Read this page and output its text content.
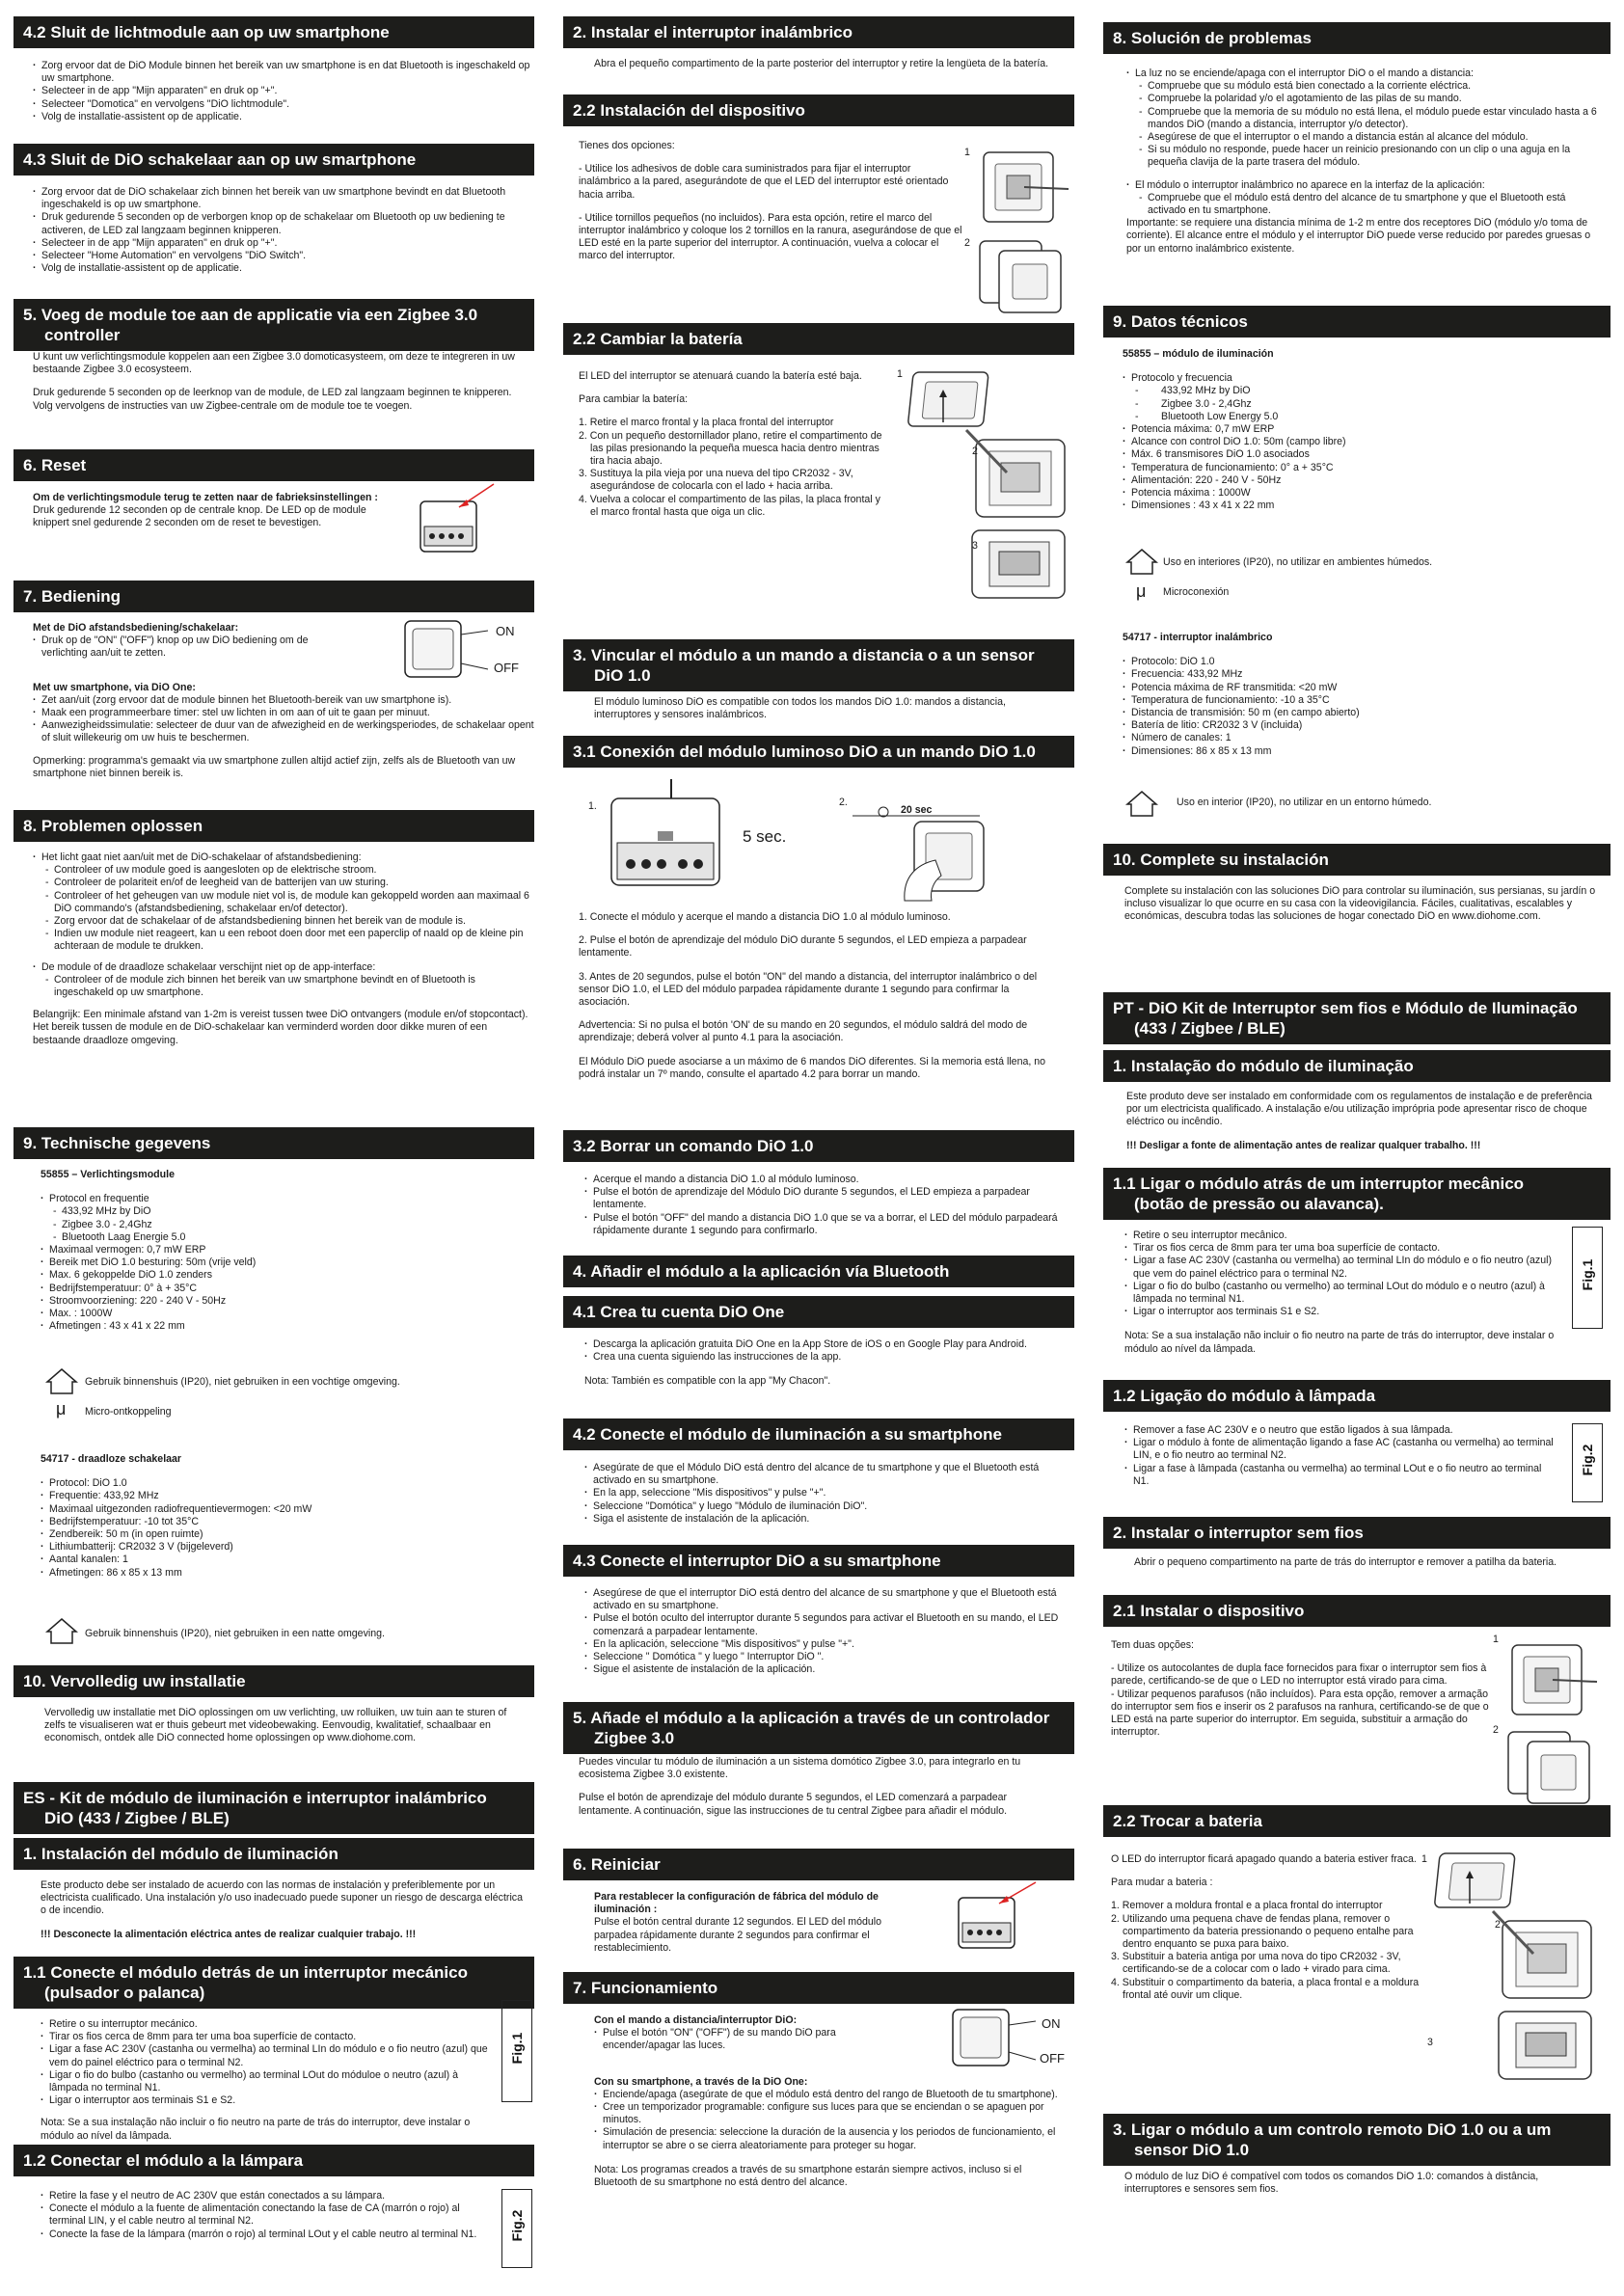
4.2 Sluit de lichtmodule aan op uw smartphone
· Zorg ervoor dat de DiO Module binnen het bereik van uw smartphone is en dat Bluetooth is ingeschakeld op uw smartphone.
· Selecteer in de app "Mijn apparaten" en druk op "+".
· Selecteer "Domotica" en vervolgens "DiO lichtmodule".
· Volg de installatie-assistent op de applicatie.
4.3 Sluit de DiO schakelaar aan op uw smartphone
· Zorg ervoor dat de DiO schakelaar zich binnen het bereik van uw smartphone bevindt en dat Bluetooth ingeschakeld is op uw smartphone.
· Druk gedurende 5 seconden op de verborgen knop op de schakelaar om Bluetooth op uw bediening te activeren, de LED zal langzaam beginnen knipperen.
· Selecteer in de app "Mijn apparaten" en druk op "+".
· Selecteer "Home Automation" en vervolgens "DiO Switch".
· Volg de installatie-assistent op de applicatie.
5. Voeg de module toe aan de applicatie via een Zigbee 3.0
controller

U kunt uw verlichtingsmodule koppelen aan een Zigbee 3.0 domoticasysteem, om deze te integreren in uw bestaande Zigbee 3.0 ecosysteem.

Druk gedurende 5 seconden op de leerknop van de module, de LED zal langzaam beginnen te knipperen. Volg vervolgens de instructies van uw Zigbee-centrale om de module toe te voegen.

6. Reset
Om de verlichtingsmodule terug te zetten naar de fabrieksinstellingen :
Druk gedurende 12 seconden op de centrale knop. De LED op de module knippert snel gedurende 2 seconden om de reset te bevestigen.
7. Bediening
Met de DiO afstandsbediening/schakelaar:
· Druk op de "ON" ("OFF") knop op uw DiO bediening om de verlichting aan/uit te zetten.
Met uw smartphone, via DiO One:
· Zet aan/uit (zorg ervoor dat de module binnen het Bluetooth-bereik van uw smartphone is).
· Maak een programmeerbare timer: stel uw lichten in om aan of uit te gaan per minuut.
· Aanwezigheidssimulatie: selecteer de duur van de afwezigheid en de werkingsperiodes, de schakelaar opent of sluit willekeurig om uw huis te beschermen.
Opmerking: programma's gemaakt via uw smartphone zullen altijd actief zijn, zelfs als de Bluetooth van uw smartphone niet binnen bereik is.
ON
OFF
8. Problemen oplossen
· Het licht gaat niet aan/uit met de DiO-schakelaar of afstandsbediening:
- Controleer of uw module goed is aangesloten op de elektrische stroom.
- Controleer de polariteit en/of de leegheid van de batterijen van uw sturing.
- Controleer of het geheugen van uw module niet vol is, de module kan gekoppeld worden aan maximaal 6 DiO commando's (afstandsbediening, schakelaar en/of detector).
- Zorg ervoor dat de schakelaar of de afstandsbediening binnen het bereik van de module is.
- Indien uw module niet reageert, kan u een reboot doen door met een paperclip of naald op de kleine pin achteraan de module te drukken.
· De module of de draadloze schakelaar verschijnt niet op de app-interface:
- Controleer of de module zich binnen het bereik van uw smartphone bevindt en of Bluetooth is ingeschakeld op uw smartphone.
Belangrijk: Een minimale afstand van 1-2m is vereist tussen twee DiO ontvangers (module en/of stopcontact). Het bereik tussen de module en de DiO-schakelaar kan verminderd worden door dikke muren of een bestaande draadloze omgeving.
9. Technische gegevens
55855 – Verlichtingsmodule
· Protocol en frequentie
- 433,92 MHz by DiO
- Zigbee 3.0 - 2,4Ghz
- Bluetooth Laag Energie 5.0
· Maximaal vermogen: 0,7 mW ERP
· Bereik met DiO 1.0 besturing: 50m (vrije veld)
· Max. 6 gekoppelde DiO 1.0 zenders
· Bedrijfstemperatuur: 0° à + 35°C
· Stroomvoorziening: 220 - 240 V - 50Hz
· Max. : 1000W
· Afmetingen : 43 x 41 x 22 mm
Gebruik binnenshuis (IP20), niet gebruiken in een vochtige omgeving.
μ Micro-ontkoppeling
54717 - draadloze schakelaar
· Protocol: DiO 1.0
· Frequentie: 433,92 MHz
· Maximaal uitgezonden radiofrequentievermogen: <20 mW
· Bedrijfstemperatuur: -10 tot 35°C
· Zendbereik: 50 m (in open ruimte)
· Lithiumbatterij: CR2032 3 V (bijgeleverd)
· Aantal kanalen: 1
· Afmetingen: 86 x 85 x 13 mm
Gebruik binnenshuis (IP20), niet gebruiken in een natte omgeving.
10. Vervolledig uw installatie
Vervolledig uw installatie met DiO oplossingen om uw verlichting, uw rolluiken, uw tuin aan te sturen of zelfs te visualiseren wat er thuis gebeurt met videobewaking. Eenvoudig, kwalitatief, schaalbaar en economisch, ontdek alle DiO connected home oplossingen op www.diohome.com.
ES - Kit de módulo de iluminación e interruptor inalámbrico
DiO (433 / Zigbee / BLE)
1. Instalación del módulo de iluminación

Este producto debe ser instalado de acuerdo con las normas de instalación y preferiblemente por un electricista cualificado. Una instalación y/o uso inadecuado puede suponer un riesgo de descarga eléctrica o de incendio.

!!! Desconecte la alimentación eléctrica antes de realizar cualquier trabajo. !!!
1.1 Conecte el módulo detrás de un interruptor mecánico
(pulsador o palanca)
· Retire o su interruptor mecánico.
· Tirar os fios cerca de 8mm para ter uma boa superfície de contacto.
· Ligar a fase AC 230V (castanha ou vermelha) ao terminal LIn do módulo e o fio neutro (azul) que vem do painel eléctrico para o terminal N2.
· Ligar o fio do bulbo (castanho ou vermelho) ao terminal LOut do móduloe o neutro (azul) à lâmpada no terminal N1.
· Ligar o interruptor aos terminais S1 e S2.
Nota: Se a sua instalação não incluir o fio neutro na parte de trás do interruptor, deve instalar o módulo ao nível da lâmpada.
Fig.1
1.2 Conectar el módulo a la lámpara
· Retire la fase y el neutro de AC 230V que están conectados a su lámpara.
· Conecte el módulo a la fuente de alimentación conectando la fase de CA (marrón o rojo) al terminal LIN, y el cable neutro al terminal N2.
· Conecte la fase de la lámpara (marrón o rojo) al terminal LOut y el cable neutro al terminal N1.	Fig.2
2. Instalar el interruptor inalámbrico
Abra el pequeño compartimento de la parte posterior del interruptor y retire la lengüeta de la batería.
2.2 Instalación del dispositivo

Tienes dos opciones:

- Utilice los adhesivos de doble cara suministrados para fijar el interruptor inalámbrico a la pared, asegurándote de que el LED del interruptor esté orientado hacia arriba.

- Utilice tornillos pequeños (no incluidos). Para esta opción, retire el marco del interruptor inalámbrico y coloque los 2 tornillos en la ranura, asegurándose de que el LED esté en la parte superior del interruptor. A continuación, vuelva a colocar el marco del interruptor.

1
2
2.2 Cambiar la batería

El LED del interruptor se atenuará cuando la batería esté baja.

Para cambiar la batería:

1. Retire el marco frontal y la placa frontal del interruptor
2. Con un pequeño destornillador plano, retire el compartimento de las pilas presionando la pequeña muesca hacia dentro mientras tira hacia abajo.
3. Sustituya la pila vieja por una nueva del tipo CR2032 - 3V, asegurándose de colocarla con el lado + hacia arriba.
4. Vuelva a colocar el compartimento de las pilas, la placa frontal y el marco frontal hasta que oiga un clic.
1
2
3
3. Vincular el módulo a un mando a distancia o a un sensor
DiO 1.0
El módulo luminoso DiO es compatible con todos los mandos DiO 1.0: mandos a distancia, interruptores y sensores inalámbricos.
3.1 Conexión del módulo luminoso DiO a un mando DiO 1.0
1.
5 sec.
2.
20 sec

1. Conecte el módulo y acerque el mando a distancia DiO 1.0 al módulo luminoso.

2. Pulse el botón de aprendizaje del módulo DiO durante 5 segundos, el LED empieza a parpadear lentamente.

3. Antes de 20 segundos, pulse el botón "ON" del mando a distancia, del interruptor inalámbrico o del sensor DiO 1.0, el LED del módulo parpadea rápidamente durante 1 segundo para confirmar la asociación.

Advertencia: Si no pulsa el botón 'ON' de su mando en 20 segundos, el módulo saldrá del modo de aprendizaje; deberá volver al punto 4.1 para la asociación.

El Módulo DiO puede asociarse a un máximo de 6 mandos DiO diferentes. Si la memoria está llena, no podrá instalar un 7º mando, consulte el apartado 4.2 para borrar un mando.

3.2 Borrar un comando DiO 1.0
· Acerque el mando a distancia DiO 1.0 al módulo luminoso.
· Pulse el botón de aprendizaje del Módulo DiO durante 5 segundos, el LED empieza a parpadear lentamente.
· Pulse el botón "OFF" del mando a distancia DiO 1.0 que se va a borrar, el LED del módulo parpadeará rápidamente durante 1 segundo para confirmarlo.
4. Añadir el módulo a la aplicación vía Bluetooth
4.1 Crea tu cuenta DiO One
· Descarga la aplicación gratuita DiO One en la App Store de iOS o en Google Play para Android.
· Crea una cuenta siguiendo las instrucciones de la app.
Nota: También es compatible con la app "My Chacon".
4.2 Conecte el módulo de iluminación a su smartphone
· Asegúrate de que el Módulo DiO está dentro del alcance de tu smartphone y que el Bluetooth está activado en su smartphone.
· En la app, seleccione "Mis dispositivos" y pulse "+".
· Seleccione "Domótica" y luego "Módulo de iluminación DiO".
· Siga el asistente de instalación de la aplicación.
4.3 Conecte el interruptor DiO a su smartphone
· Asegúrese de que el interruptor DiO está dentro del alcance de su smartphone y que el Bluetooth está activado en su smartphone.
· Pulse el botón oculto del interruptor durante 5 segundos para activar el Bluetooth en su mando, el LED comenzará a parpadear lentamente.
· En la aplicación, seleccione "Mis dispositivos" y pulse "+".
· Seleccione " Domótica " y luego " Interruptor DiO ".
· Sigue el asistente de instalación de la aplicación.
5. Añade el módulo a la aplicación a través de un controlador
Zigbee 3.0

Puedes vincular tu módulo de iluminación a un sistema domótico Zigbee 3.0, para integrarlo en tu ecosistema Zigbee 3.0 existente.

Pulse el botón de aprendizaje del módulo durante 5 segundos, el LED comenzará a parpadear lentamente. A continuación, sigue las instrucciones de tu central Zigbee para añadir el módulo.

6. Reiniciar
Para restablecer la configuración de fábrica del módulo de iluminación :
Pulse el botón central durante 12 segundos. El LED del módulo parpadea rápidamente durante 2 segundos para confirmar el restablecimiento.
7. Funcionamiento
Con el mando a distancia/interruptor DiO:
· Pulse el botón "ON" ("OFF") de su mando DiO para encender/apagar las luces.
Con su smartphone, a través de la DiO One:
· Enciende/apaga (asegúrate de que el módulo está dentro del rango de Bluetooth de tu smartphone).
· Cree un temporizador programable: configure sus luces para que se enciendan o se apaguen por minutos.
· Simulación de presencia: seleccione la duración de la ausencia y los periodos de funcionamiento, el interruptor se abre o se cierra aleatoriamente para proteger su hogar.
Nota: Los programas creados a través de su smartphone estarán siempre activos, incluso si el Bluetooth de su smartphone no está dentro del alcance.
ON
OFF
8. Solución de problemas
· La luz no se enciende/apaga con el interruptor DiO o el mando a distancia:
- Compruebe que su módulo está bien conectado a la corriente eléctrica.
- Compruebe la polaridad y/o el agotamiento de las pilas de su mando.
- Compruebe que la memoria de su módulo no está llena, el módulo puede estar vinculado hasta a 6 mandos DiO (mando a distancia, interruptor y/o detector).
- Asegúrese de que el interruptor o el mando a distancia están al alcance del módulo.
- Si su módulo no responde, puede hacer un reinicio presionando con un clip o una aguja en la pequeña clavija de la parte trasera del módulo.
· El módulo o interruptor inalámbrico no aparece en la interfaz de la aplicación:
- Compruebe que el módulo está dentro del alcance de tu smartphone y que el Bluetooth está activado en tu smartphone.
Importante: se requiere una distancia mínima de 1-2 m entre dos receptores DiO (módulo y/o toma de corriente). El alcance entre el módulo y el interruptor DiO puede verse reducido por paredes gruesas o por un entorno inalámbrico existente.
9. Datos técnicos
55855 – módulo de iluminación
· Protocolo y frecuencia
- 433,92 MHz by DiO
- Zigbee 3.0 - 2,4Ghz
- Bluetooth Low Energy 5.0
· Potencia máxima: 0,7 mW ERP
· Alcance con control DiO 1.0: 50m (campo libre)
· Máx. 6 transmisores DiO 1.0 asociados
· Temperatura de funcionamiento: 0° a + 35°C
· Alimentación: 220 - 240 V - 50Hz
· Potencia máxima : 1000W
· Dimensiones : 43 x 41 x 22 mm
Uso en interiores (IP20), no utilizar en ambientes húmedos.
μ Microconexión
54717 - interruptor inalámbrico
· Protocolo: DiO 1.0
· Frecuencia: 433,92 MHz
· Potencia máxima de RF transmitida: <20 mW
· Temperatura de funcionamiento: -10 a 35°C
· Distancia de transmisión: 50 m (en campo abierto)
· Batería de litio: CR2032 3 V (incluida)
· Número de canales: 1
· Dimensiones: 86 x 85 x 13 mm
Uso en interior (IP20), no utilizar en un entorno húmedo.
10. Complete su instalación
Complete su instalación con las soluciones DiO para controlar su iluminación, sus persianas, su jardín o incluso visualizar lo que ocurre en su casa con la videovigilancia. Fáciles, cualitativas, escalables y económicas, descubra todas las soluciones de hogar conectado DiO en www.diohome.com.
PT - DiO Kit de Interruptor sem fios e Módulo de Iluminação
(433 / Zigbee / BLE)
1. Instalação do módulo de iluminação

Este produto deve ser instalado em conformidade com os regulamentos de instalação e de preferência por um electricista qualificado. A instalação e/ou utilização imprópria pode apresentar risco de choque eléctrico ou incêndio.

!!! Desligar a fonte de alimentação antes de realizar qualquer trabalho. !!!
1.1 Ligar o módulo atrás de um interruptor mecânico
(botão de pressão ou alavanca).
· Retire o seu interruptor mecânico.
· Tirar os fios cerca de 8mm para ter uma boa superfície de contacto.
· Ligar a fase AC 230V (castanha ou vermelha) ao terminal LIn do módulo e o fio neutro (azul) que vem do painel eléctrico para o terminal N2.
· Ligar o fio do bulbo (castanho ou vermelho) ao terminal LOut do módulo e o neutro (azul) à lâmpada no terminal N1.
· Ligar o interruptor aos terminais S1 e S2.
Nota: Se a sua instalação não incluir o fio neutro na parte de trás do interruptor, deve instalar o módulo ao nível da lâmpada.
Fig.1
1.2 Ligação do módulo à lâmpada
· Remover a fase AC 230V e o neutro que estão ligados à sua lâmpada.
· Ligar o módulo à fonte de alimentação ligando a fase AC (castanha ou vermelha) ao terminal LIN, e o fio neutro ao terminal N2.
· Ligar a fase à lâmpada (castanha ou vermelha) ao terminal LOut e o fio neutro ao terminal N1.
Fig.2
2. Instalar o interruptor sem fios
Abrir o pequeno compartimento na parte de trás do interruptor e remover a patilha da bateria.
2.1 Instalar o dispositivo

Tem duas opções:

- Utilize os autocolantes de dupla face fornecidos para fixar o interruptor sem fios à parede, certificando-se de que o LED no interruptor está virado para cima.
- Utilizar pequenos parafusos (não incluídos). Para esta opção, remover a armação do interruptor sem fios e inserir os 2 parafusos na ranhura, certificando-se de que o LED está na parte superior do interruptor. Em seguida, substituir a armação do interruptor.
1
2
2.2 Trocar a bateria

O LED do interruptor ficará apagado quando a bateria estiver fraca.

Para mudar a bateria :

1. Remover a moldura frontal e a placa frontal do interruptor
2. Utilizando uma pequena chave de fendas plana, remover o compartimento da bateria pressionando o pequeno entalhe para dentro enquanto se puxa para baixo.
3. Substituir a bateria antiga por uma nova do tipo CR2032 - 3V, certificando-se de a colocar com o lado + virado para cima.
4. Substituir o compartimento da bateria, a placa frontal e a moldura frontal até ouvir um clique.
1
2
3
3. Ligar o módulo a um controlo remoto DiO 1.0 ou a um
sensor DiO 1.0
O módulo de luz DiO é compatível com todos os comandos DiO 1.0: comandos à distância, interruptores e sensores sem fios.
